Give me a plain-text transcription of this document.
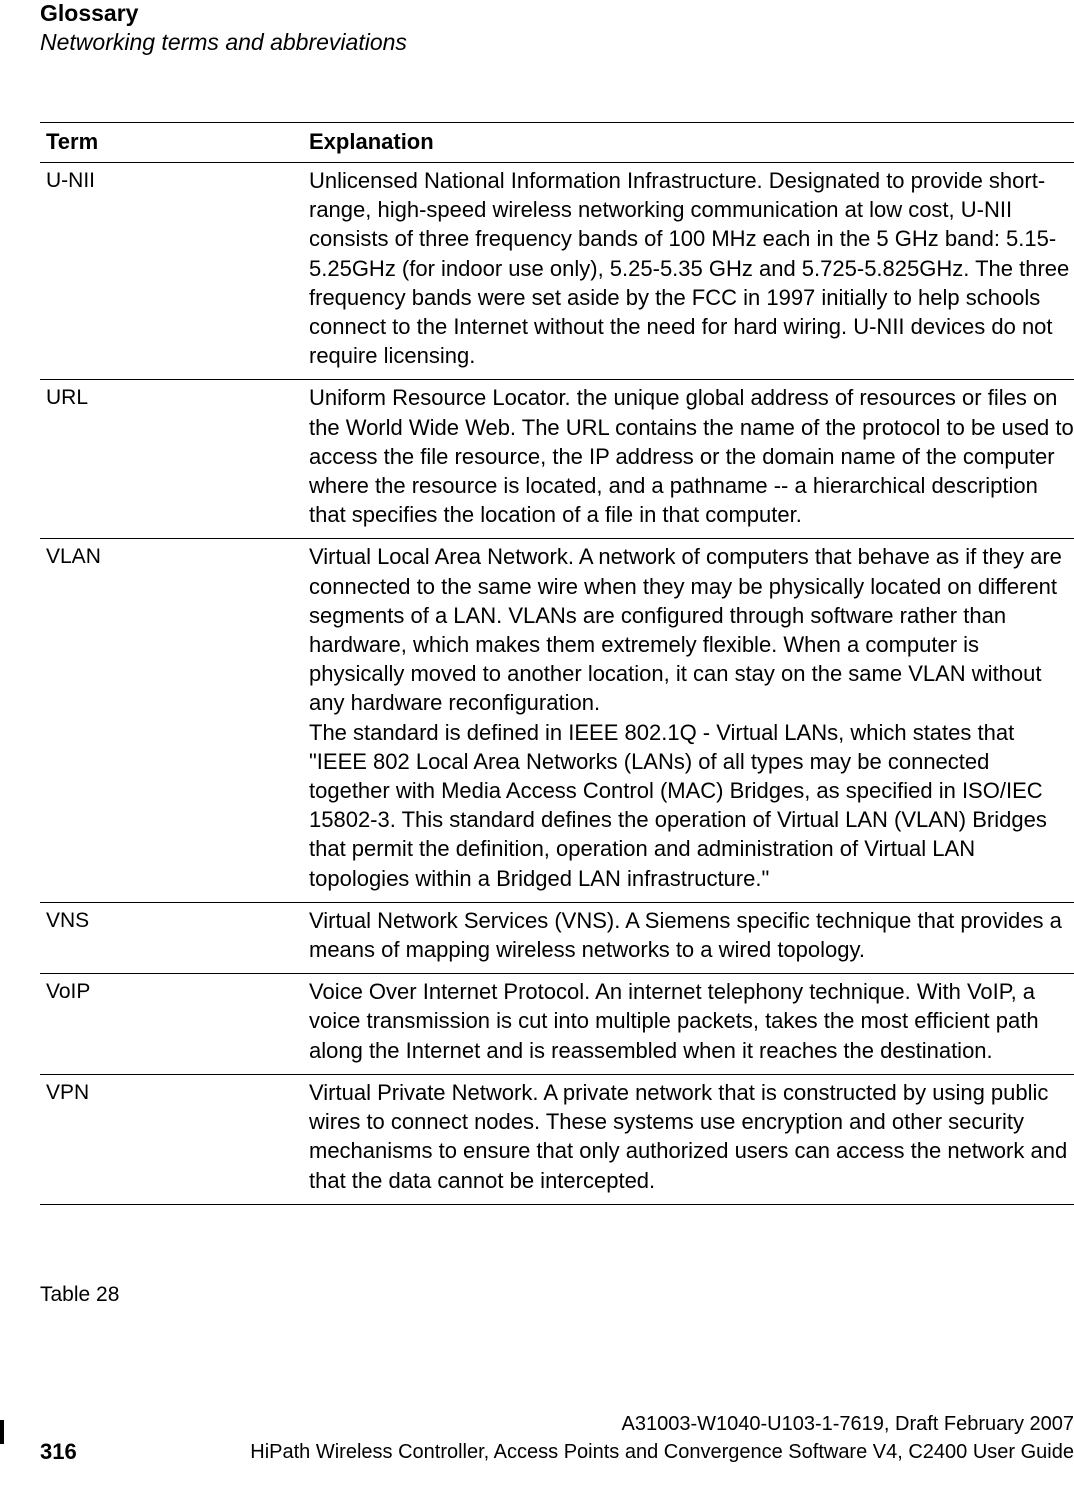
Glossary
Networking terms and abbreviations
Term	Explanation
U-NII	Unlicensed National Information Infrastructure. Designated to provide short-range, high-speed wireless networking communication at low cost, U-NII consists of three frequency bands of 100 MHz each in the 5 GHz band: 5.15-5.25GHz (for indoor use only), 5.25-5.35 GHz and 5.725-5.825GHz. The three frequency bands were set aside by the FCC in 1997 initially to help schools connect to the Internet without the need for hard wiring. U-NII devices do not require licensing.

URL	Uniform Resource Locator. the unique global address of resources or files on the World Wide Web. The URL contains the name of the protocol to be used to access the file resource, the IP address or the domain name of the computer where the resource is located, and a pathname -- a hierarchical description that specifies the location of a file in that computer.

VLAN	Virtual Local Area Network. A network of computers that behave as if they are connected to the same wire when they may be physically located on different segments of a LAN. VLANs are configured through software rather than hardware, which makes them extremely flexible. When a computer is physically moved to another location, it can stay on the same VLAN without any hardware reconfiguration.

The standard is defined in IEEE 802.1Q - Virtual LANs, which states that "IEEE 802 Local Area Networks (LANs) of all types may be connected together with Media Access Control (MAC) Bridges, as specified in ISO/IEC 15802-3. This standard defines the operation of Virtual LAN (VLAN) Bridges that permit the definition, operation and administration of Virtual LAN topologies within a Bridged LAN infrastructure."

VNS	Virtual Network Services (VNS). A Siemens specific technique that provides a means of mapping wireless networks to a wired topology.

VoIP	Voice Over Internet Protocol. An internet telephony technique. With VoIP, a voice transmission is cut into multiple packets, takes the most efficient path along the Internet and is reassembled when it reaches the destination.

VPN	Virtual Private Network. A private network that is constructed by using public wires to connect nodes. These systems use encryption and other security mechanisms to ensure that only authorized users can access the network and that the data cannot be intercepted.

Table 28
316
A31003-W1040-U103-1-7619, Draft February 2007
HiPath Wireless Controller, Access Points and Convergence Software V4, C2400 User Guide
